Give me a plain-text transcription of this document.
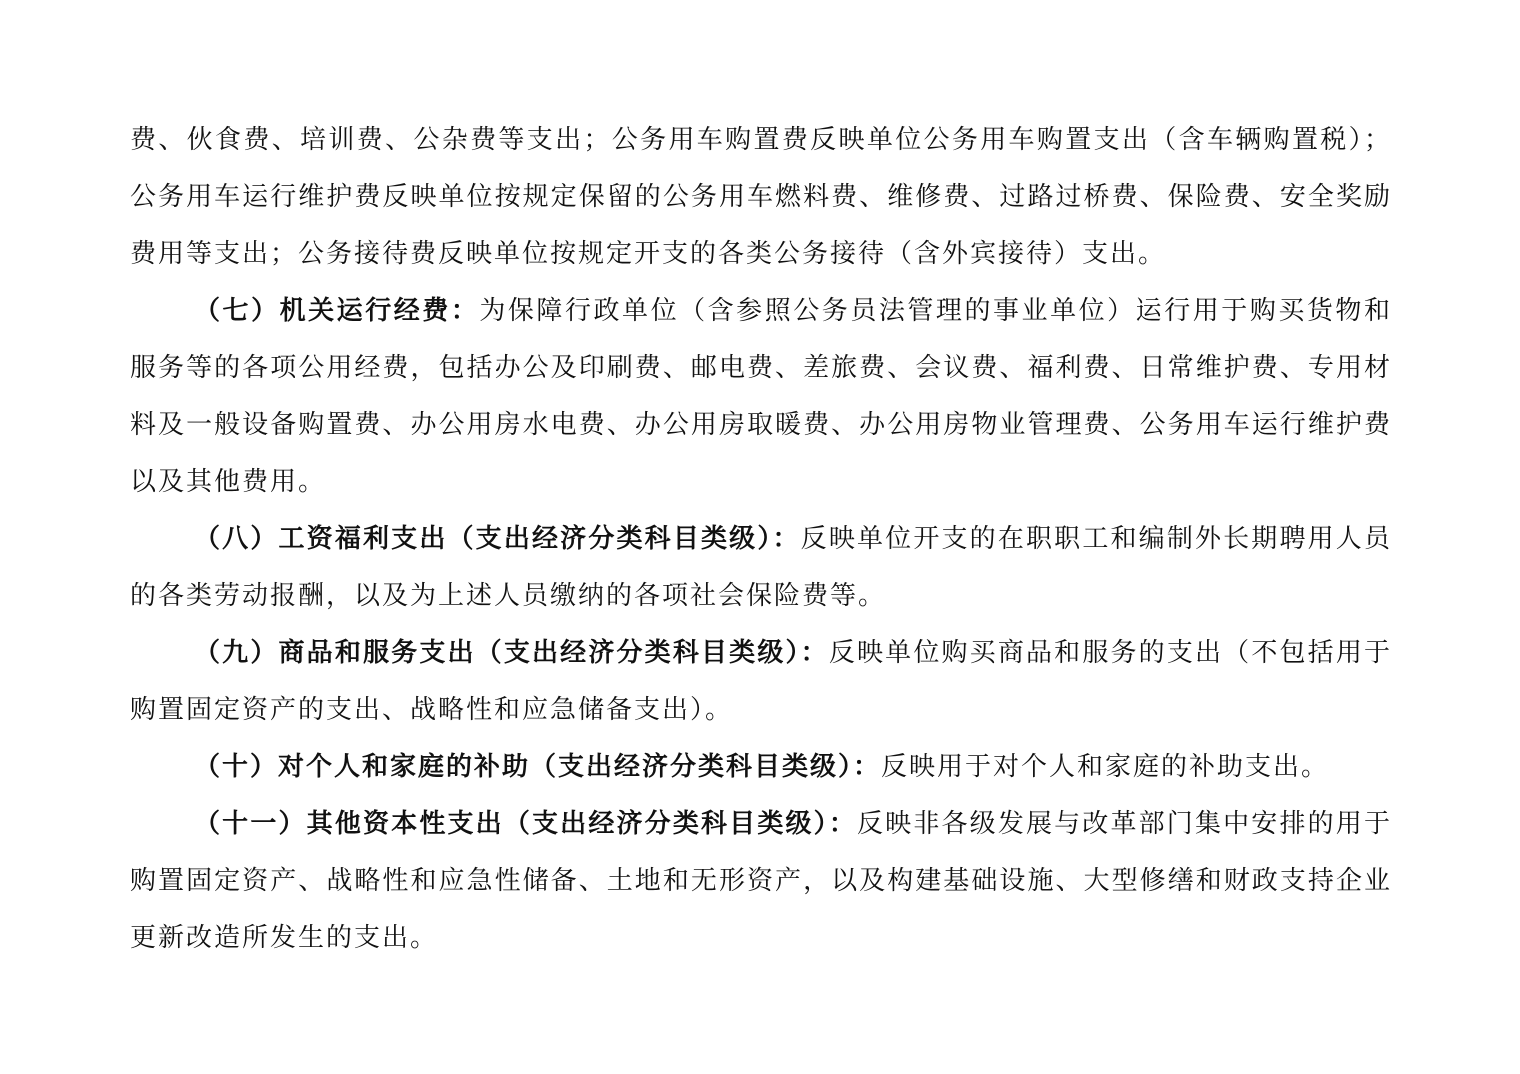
费、伙食费、培训费、公杂费等支出；公务用车购置费反映单位公务用车购置支出（含车辆购置税）；公务用车运行维护费反映单位按规定保留的公务用车燃料费、维修费、过路过桥费、保险费、安全奖励费用等支出；公务接待费反映单位按规定开支的各类公务接待（含外宾接待）支出。

（七）机关运行经费：为保障行政单位（含参照公务员法管理的事业单位）运行用于购买货物和服务等的各项公用经费，包括办公及印刷费、邮电费、差旅费、会议费、福利费、日常维护费、专用材料及一般设备购置费、办公用房水电费、办公用房取暖费、办公用房物业管理费、公务用车运行维护费以及其他费用。

（八）工资福利支出（支出经济分类科目类级）：反映单位开支的在职职工和编制外长期聘用人员的各类劳动报酬，以及为上述人员缴纳的各项社会保险费等。

（九）商品和服务支出（支出经济分类科目类级）：反映单位购买商品和服务的支出（不包括用于购置固定资产的支出、战略性和应急储备支出）。

（十）对个人和家庭的补助（支出经济分类科目类级）：反映用于对个人和家庭的补助支出。

（十一）其他资本性支出（支出经济分类科目类级）：反映非各级发展与改革部门集中安排的用于购置固定资产、战略性和应急性储备、土地和无形资产，以及构建基础设施、大型修缮和财政支持企业更新改造所发生的支出。
